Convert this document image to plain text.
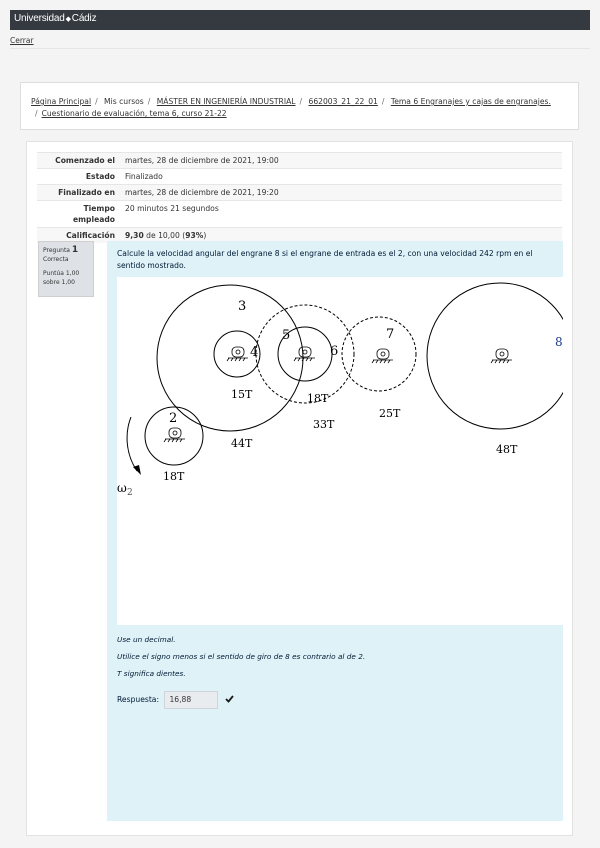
Universidad◆Cádiz
Cerrar
Página Principal / Mis cursos / MÁSTER EN INGENIERÍA INDUSTRIAL / 662003_21_22_01 / Tema 6 Engranajes y cajas de engranajes.
/ Cuestionario de evaluación, tema 6, curso 21-22
Comenzado el	martes, 28 de diciembre de 2021, 19:00
Estado	Finalizado
Finalizado en	martes, 28 de diciembre de 2021, 19:20
Tiempo
empleado	20 minutos 21 segundos
Calificación	9,30 de 10,00 (93%)
Pregunta 1
Correcta
Puntúa 1,00
sobre 1,00
Calcule la velocidad angular del engrane 8 si el engrane de entrada es el 2, con una velocidad 242 rpm en el sentido mostrado.
3
4
5
6
7	8
2
15T	18T
25T
44T
33T
48T
18T
ω 2
Use un decimal.
Utilice el signo menos si el sentido de giro de 8 es contrario al de 2.
T significa dientes.
Respuesta: 16,88
